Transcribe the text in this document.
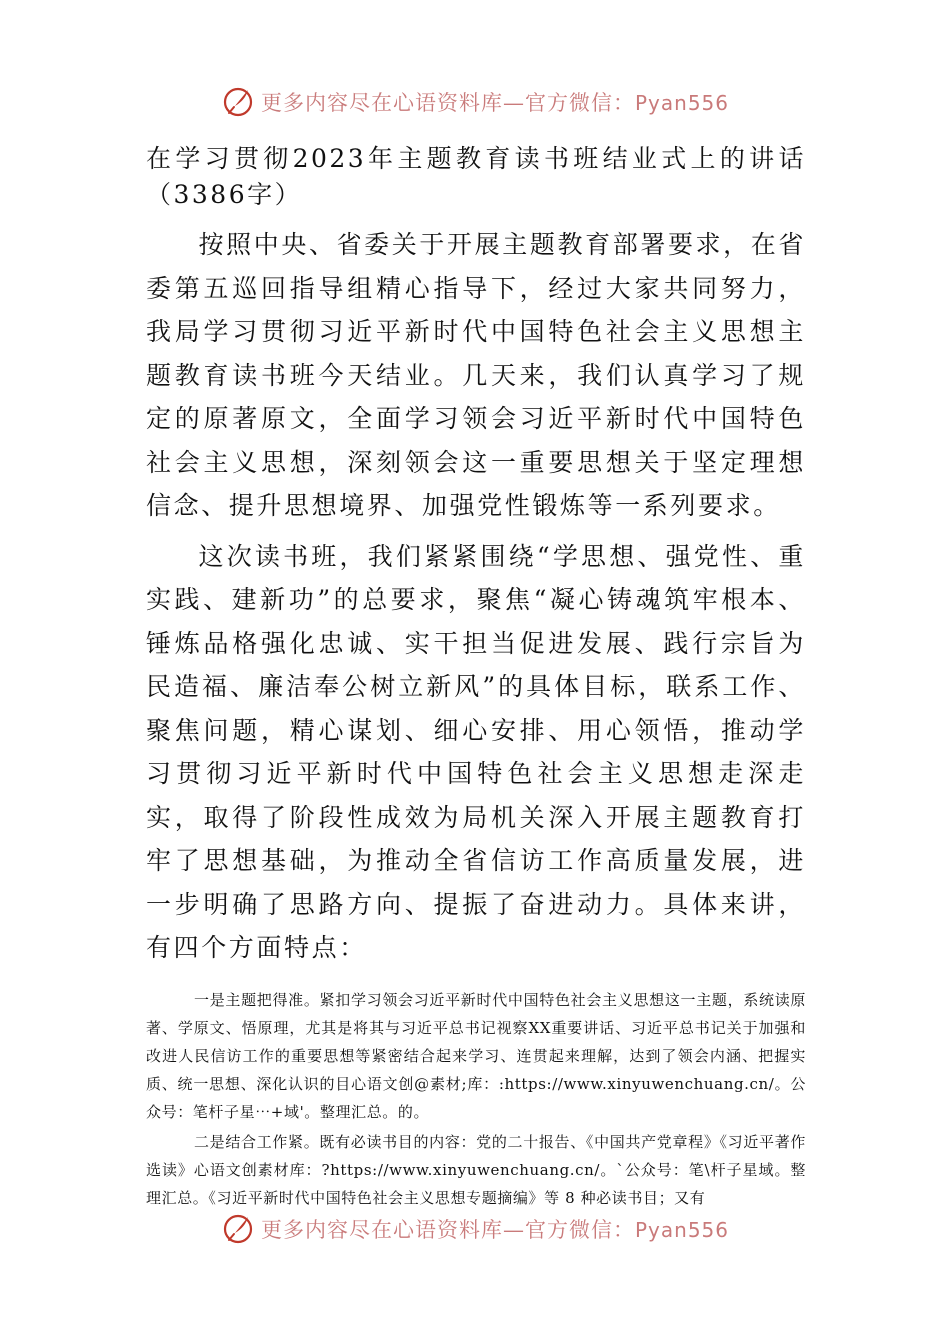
更多内容尽在心语资料库—官方微信：Pyan556

在学习贯彻2023年主题教育读书班结业式上的讲话（3386字）

按照中央、省委关于开展主题教育部署要求，在省委第五巡回指导组精心指导下，经过大家共同努力，我局学习贯彻习近平新时代中国特色社会主义思想主题教育读书班今天结业。几天来，我们认真学习了规定的原著原文，全面学习领会习近平新时代中国特色社会主义思想，深刻领会这一重要思想关于坚定理想信念、提升思想境界、加强党性锻炼等一系列要求。

这次读书班，我们紧紧围绕“学思想、强党性、重实践、建新功”的总要求，聚焦“凝心铸魂筑牢根本、锤炼品格强化忠诚、实干担当促进发展、践行宗旨为民造福、廉洁奉公树立新风”的具体目标，联系工作、聚焦问题，精心谋划、细心安排、用心领悟，推动学习贯彻习近平新时代中国特色社会主义思想走深走实，取得了阶段性成效为局机关深入开展主题教育打牢了思想基础，为推动全省信访工作高质量发展，进一步明确了思路方向、提振了奋进动力。具体来讲，有四个方面特点：

一是主题把得准。紧扣学习领会习近平新时代中国特色社会主义思想这一主题，系统读原著、学原文、悟原理，尤其是将其与习近平总书记视察XX重要讲话、习近平总书记关于加强和改进人民信访工作的重要思想等紧密结合起来学习、连贯起来理解，达到了领会内涵、把握实质、统一思想、深化认识的目心语文创@素材;库：:https://www.xinyuwenchuang.cn/。公众号：笔杆子星⋯+域'。整理汇总。的。

二是结合工作紧。既有必读书目的内容：党的二十报告、《中国共产党章程》《习近平著作选读》心语文创素材库：?https://www.xinyuwenchuang.cn/。`公众号：笔\杆子星域。整理汇总。《习近平新时代中国特色社会主义思想专题摘编》等 8 种必读书目；又有

更多内容尽在心语资料库—官方微信：Pyan556
